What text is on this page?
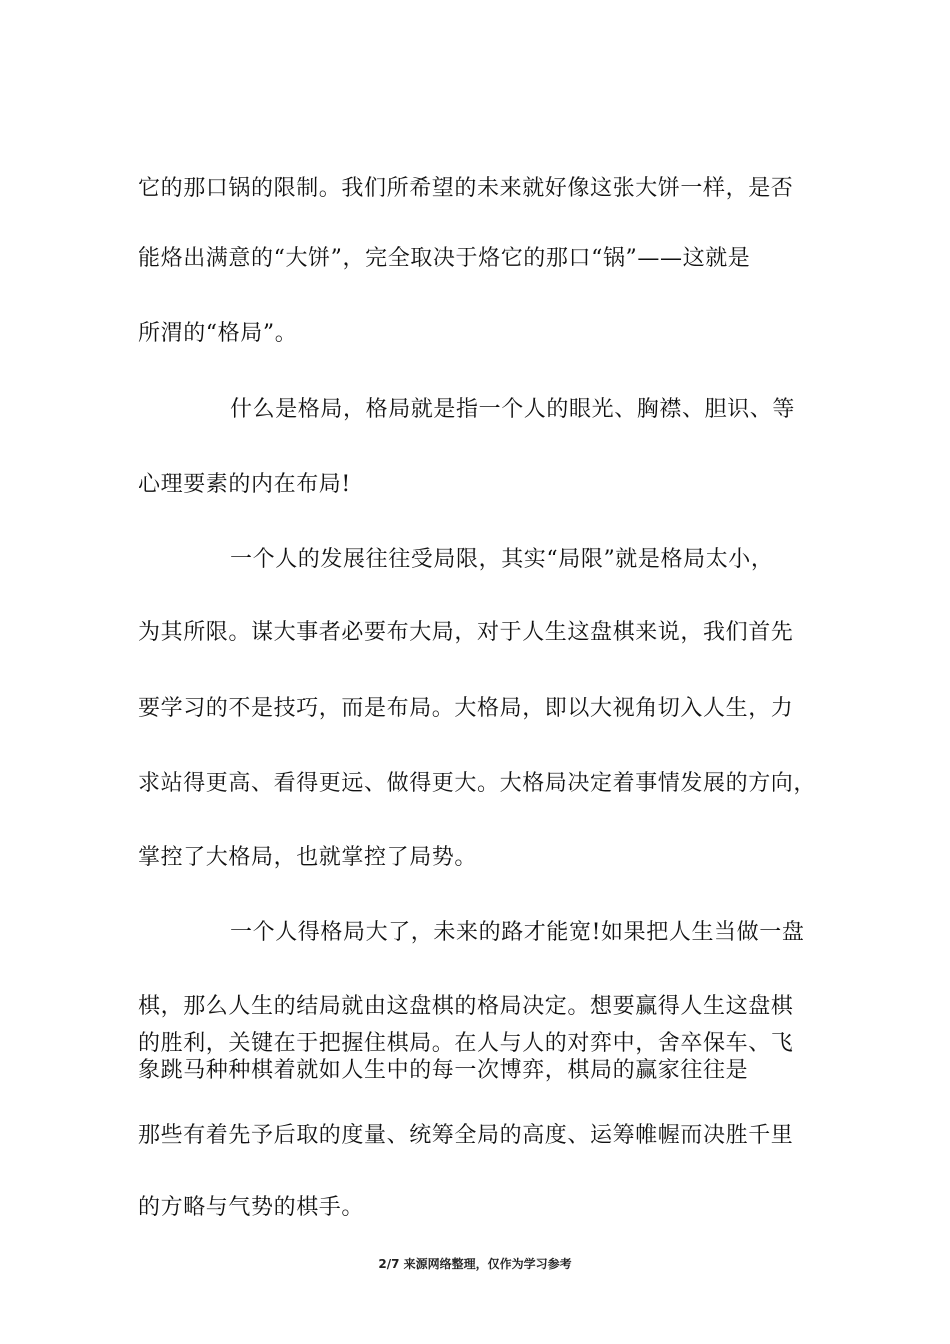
它的那口锅的限制。我们所希望的未来就好像这张大饼一样，是否
能烙出满意的“大饼”，完全取决于烙它的那口“锅”——这就是
所渭的“格局”。
什么是格局，格局就是指一个人的眼光、胸襟、胆识、等
心理要素的内在布局!
一个人的发展往往受局限，其实“局限”就是格局太小，
为其所限。谋大事者必要布大局，对于人生这盘棋来说，我们首先
要学习的不是技巧，而是布局。大格局，即以大视角切入人生，力
求站得更高、看得更远、做得更大。大格局决定着事情发展的方向，
掌控了大格局，也就掌控了局势。
一个人得格局大了，未来的路才能宽!如果把人生当做一盘
棋，那么人生的结局就由这盘棋的格局决定。想要赢得人生这盘棋
的胜利，关键在于把握住棋局。在人与人的对弈中，舍卒保车、飞
象跳马种种棋着就如人生中的每一次博弈，棋局的赢家往往是
那些有着先予后取的度量、统筹全局的高度、运筹帷幄而决胜千里
的方略与气势的棋手。
2/7 来源网络整理，仅作为学习参考
